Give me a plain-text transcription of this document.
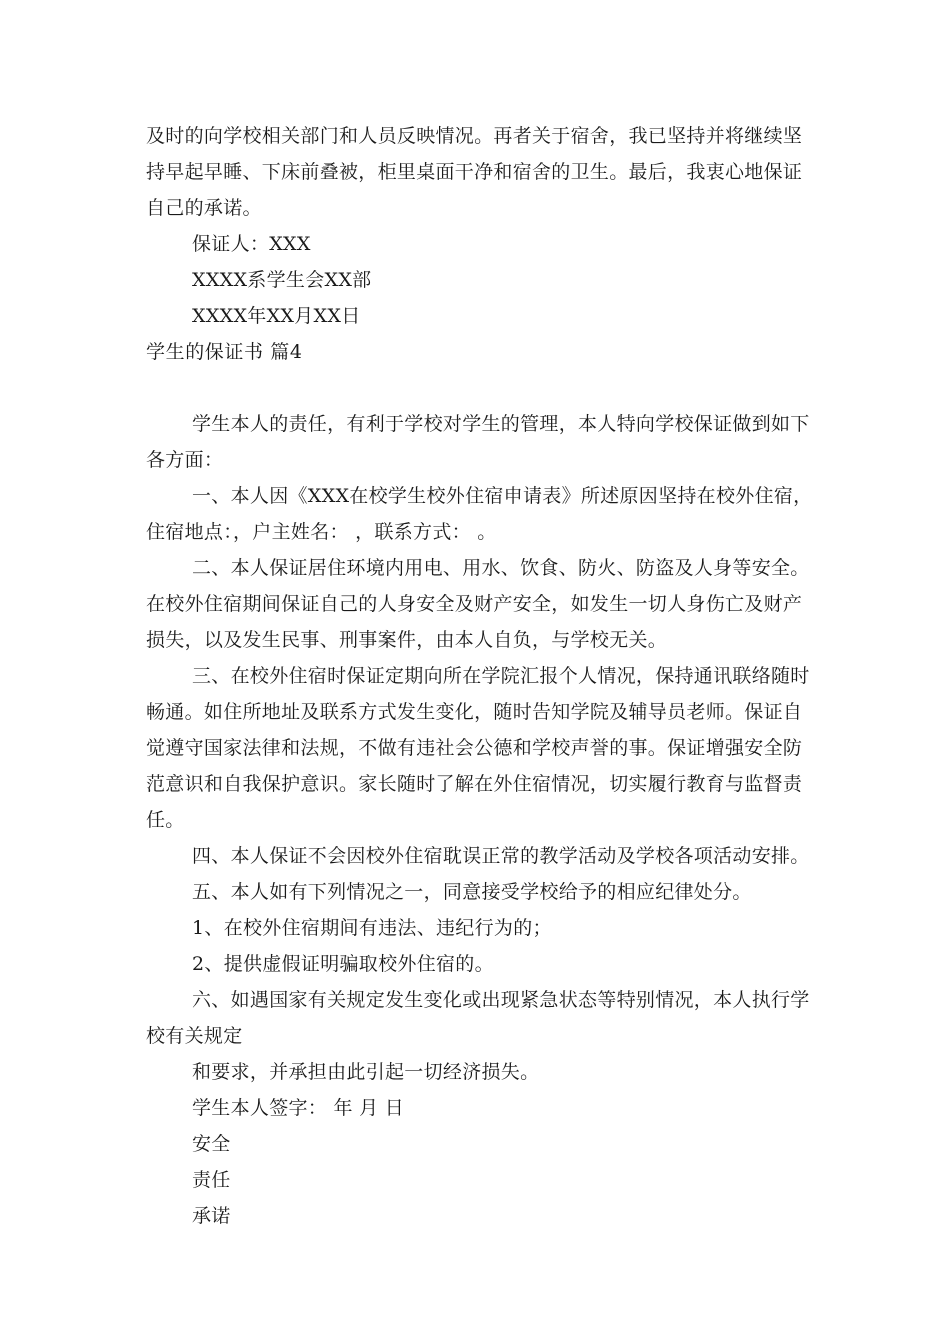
及时的向学校相关部门和人员反映情况。再者关于宿舍，我已坚持并将继续坚
持早起早睡、下床前叠被，柜里桌面干净和宿舍的卫生。最后，我衷心地保证
自己的承诺。
保证人：XXX
XXXX系学生会XX部
XXXX年XX月XX日
学生的保证书 篇4
学生本人的责任，有利于学校对学生的管理，本人特向学校保证做到如下
各方面：
一、本人因《XXX在校学生校外住宿申请表》所述原因坚持在校外住宿，
住宿地点：，户主姓名： ，联系方式： 。
二、本人保证居住环境内用电、用水、饮食、防火、防盗及人身等安全。
在校外住宿期间保证自己的人身安全及财产安全，如发生一切人身伤亡及财产
损失，以及发生民事、刑事案件，由本人自负，与学校无关。
三、在校外住宿时保证定期向所在学院汇报个人情况，保持通讯联络随时
畅通。如住所地址及联系方式发生变化，随时告知学院及辅导员老师。保证自
觉遵守国家法律和法规，不做有违社会公德和学校声誉的事。保证增强安全防
范意识和自我保护意识。家长随时了解在外住宿情况，切实履行教育与监督责
任。
四、本人保证不会因校外住宿耽误正常的教学活动及学校各项活动安排。
五、本人如有下列情况之一，同意接受学校给予的相应纪律处分。
1、在校外住宿期间有违法、违纪行为的；
2、提供虚假证明骗取校外住宿的。
六、如遇国家有关规定发生变化或出现紧急状态等特别情况，本人执行学
校有关规定
和要求，并承担由此引起一切经济损失。
学生本人签字： 年 月 日
安全
责任
承诺
